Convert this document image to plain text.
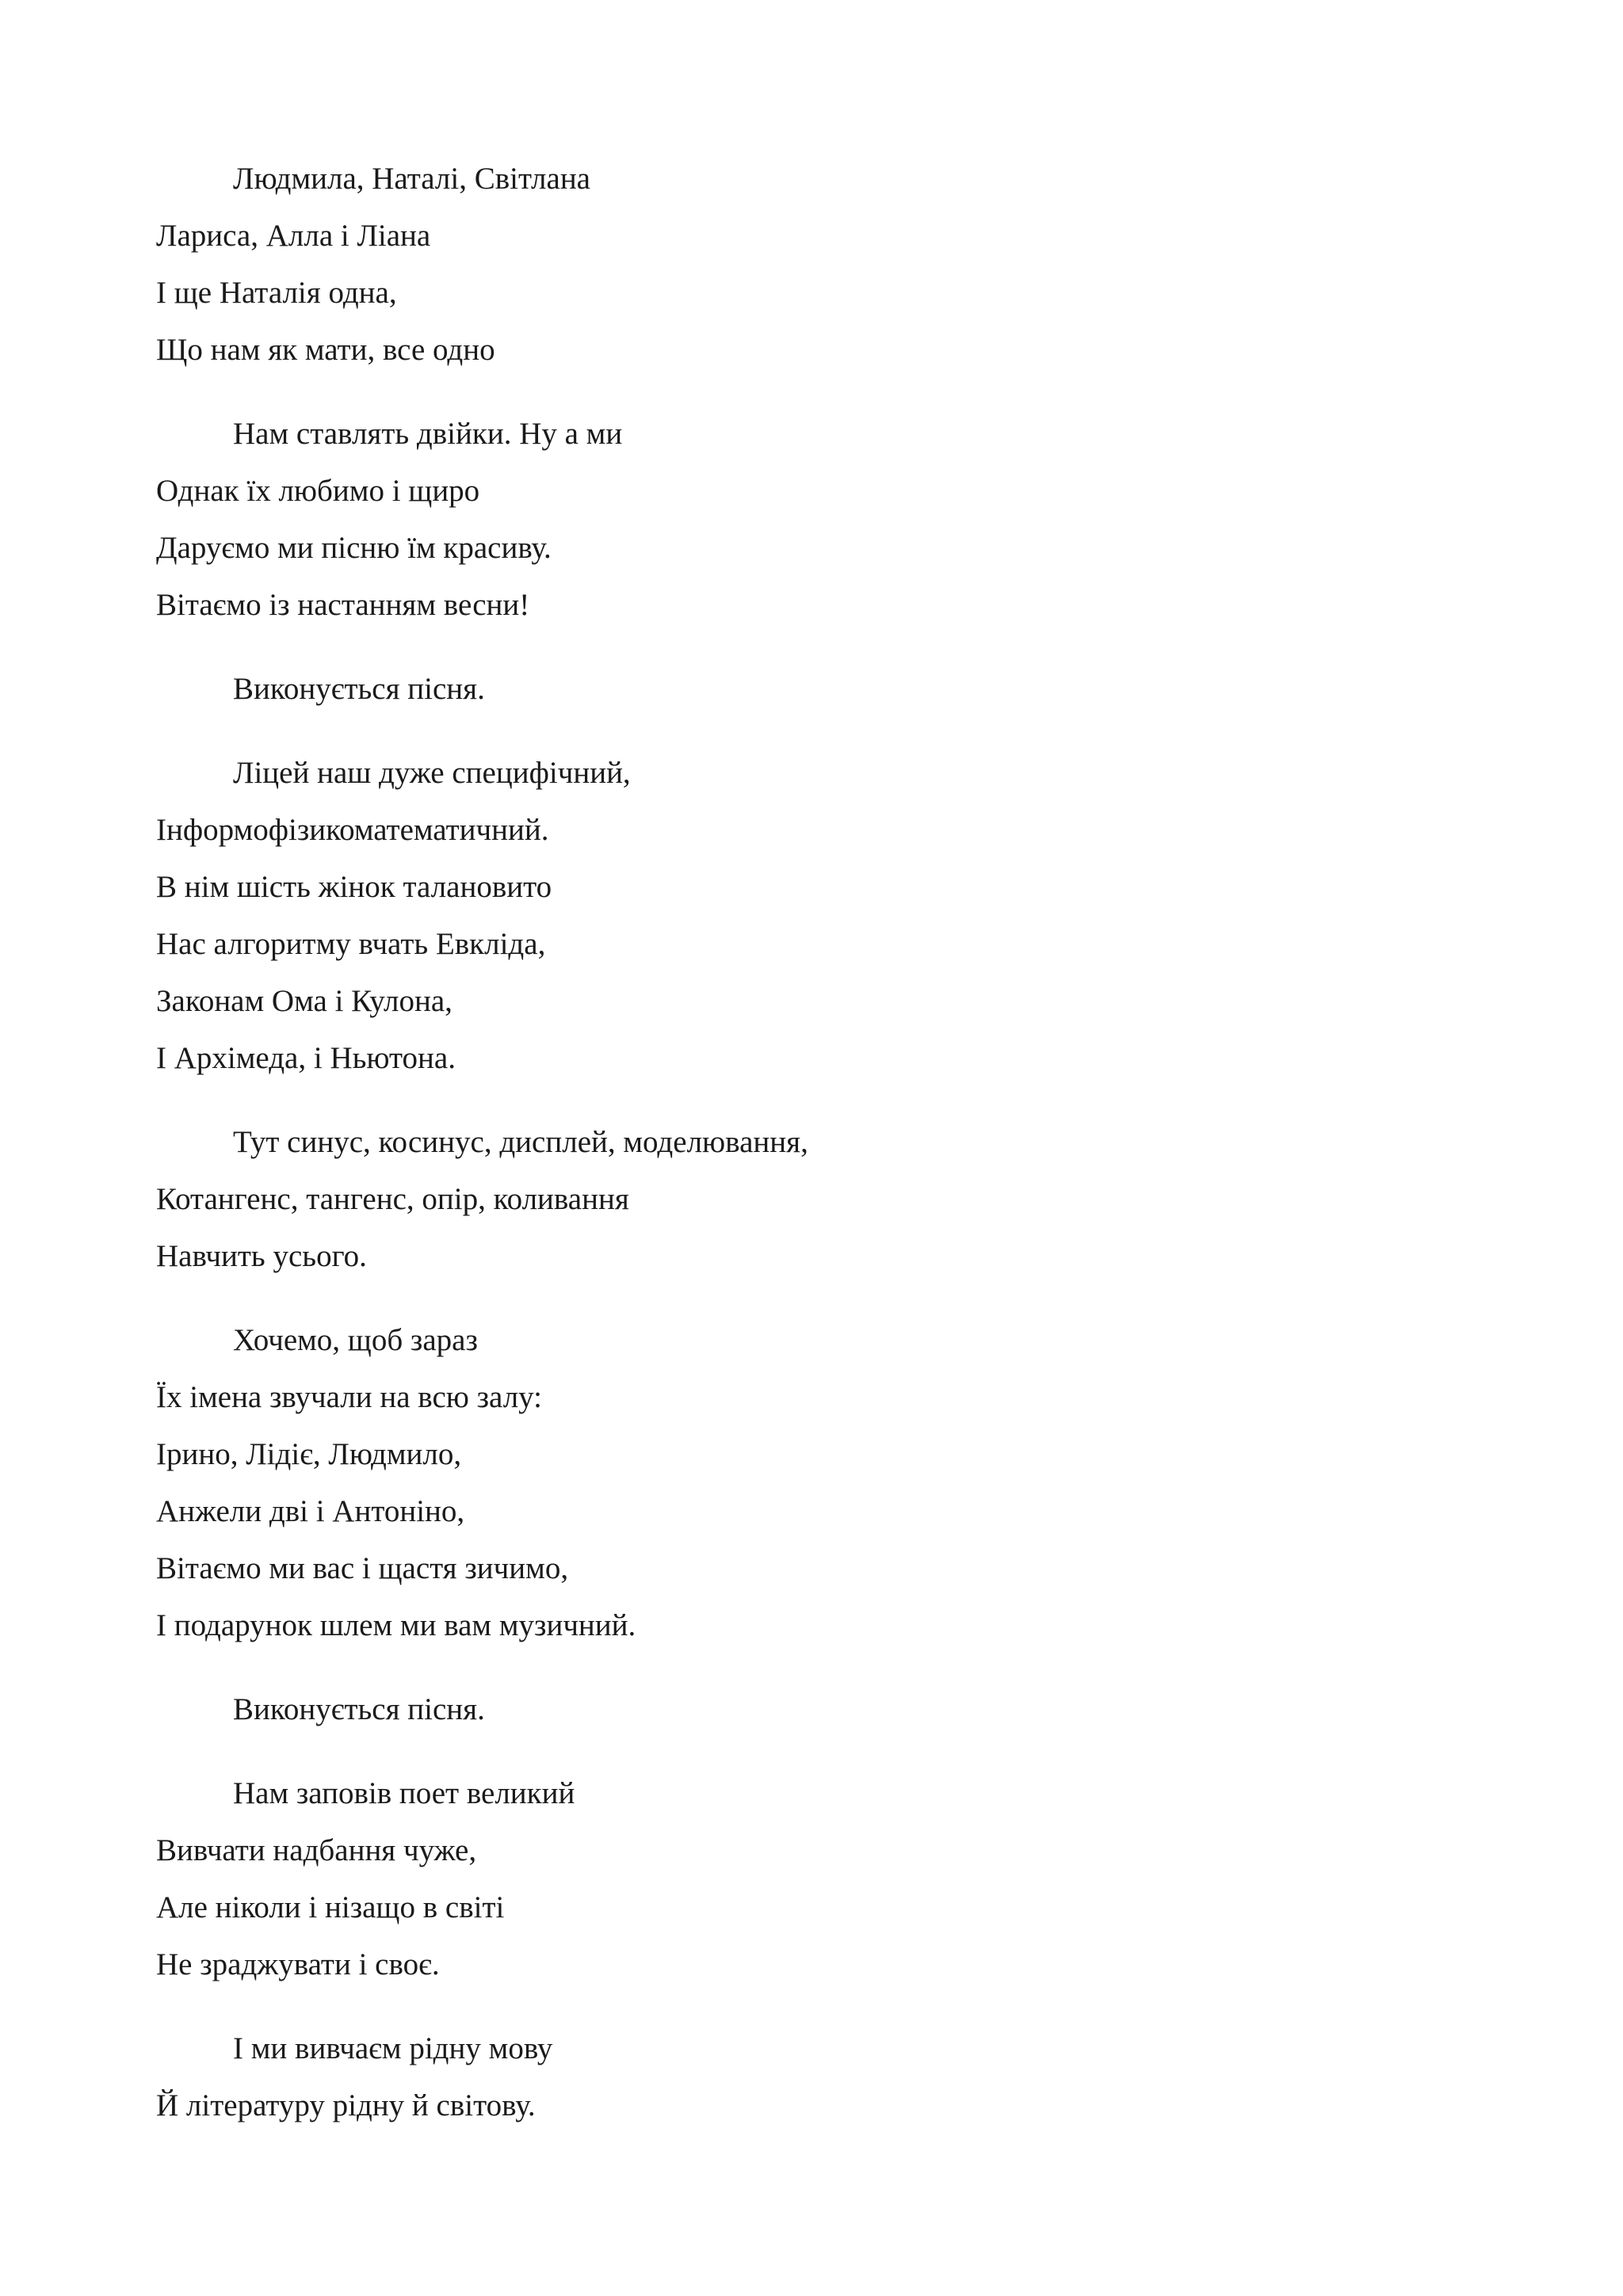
Людмила, Наталі, Світлана
Лариса, Алла і Ліана
І ще Наталія одна,
Що нам як мати, все одно
Нам ставлять двійки. Ну а ми
Однак їх любимо і щиро
Даруємо ми пісню їм красиву.
Вітаємо із настанням весни!
Виконується пісня.
Ліцей наш дуже специфічний,
Інформофізикоматематичний.
В нім шість жінок талановито
Нас алгоритму вчать Евкліда,
Законам Ома і Кулона,
І Архімеда, і Ньютона.
Тут синус, косинус, дисплей, моделювання,
Котангенс, тангенс, опір, коливання
Навчить усього.
Хочемо, щоб зараз
Їх імена звучали на всю залу:
Ірино, Лідіє, Людмило,
Анжели дві і Антоніно,
Вітаємо ми вас і щастя зичимо,
І подарунок шлем ми вам музичний.
Виконується пісня.
Нам заповів поет великий
Вивчати надбання чуже,
Але ніколи і нізащо в світі
Не зраджувати і своє.
І ми вивчаєм рідну мову
Й літературу рідну й світову.
